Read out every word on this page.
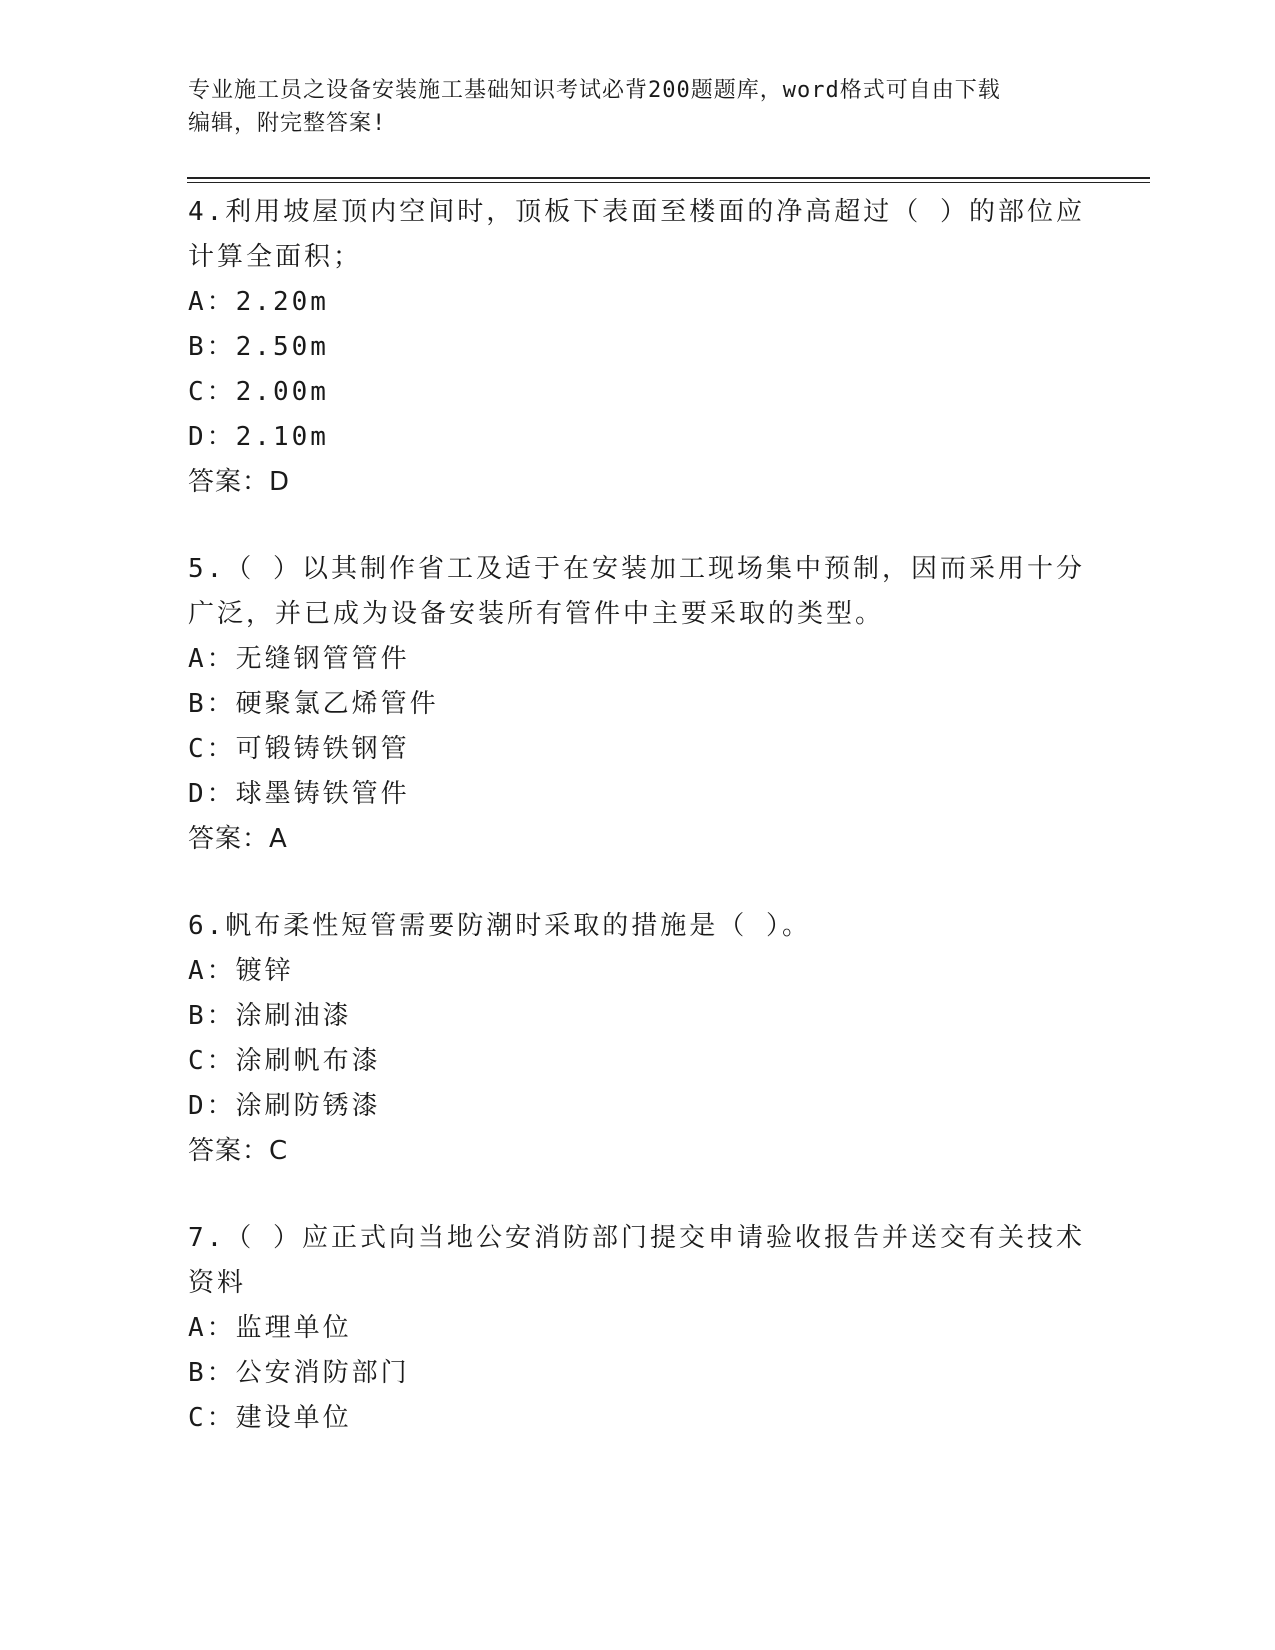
专业施工员之设备安装施工基础知识考试必背200题题库，word格式可自由下载
编辑，附完整答案!

4.利用坡屋顶内空间时，顶板下表面至楼面的净高超过（ ）的部位应

计算全面积；

A：2.20m

B：2.50m

C：2.00m

D：2.10m

答案：D

5.（ ）以其制作省工及适于在安装加工现场集中预制，因而采用十分

广泛，并已成为设备安装所有管件中主要采取的类型。

A：无缝钢管管件

B：硬聚氯乙烯管件

C：可锻铸铁钢管

D：球墨铸铁管件

答案：A

6.帆布柔性短管需要防潮时采取的措施是（ ）。

A：镀锌

B：涂刷油漆

C：涂刷帆布漆

D：涂刷防锈漆

答案：C

7.（ ）应正式向当地公安消防部门提交申请验收报告并送交有关技术

资料

A：监理单位

B：公安消防部门

C：建设单位
